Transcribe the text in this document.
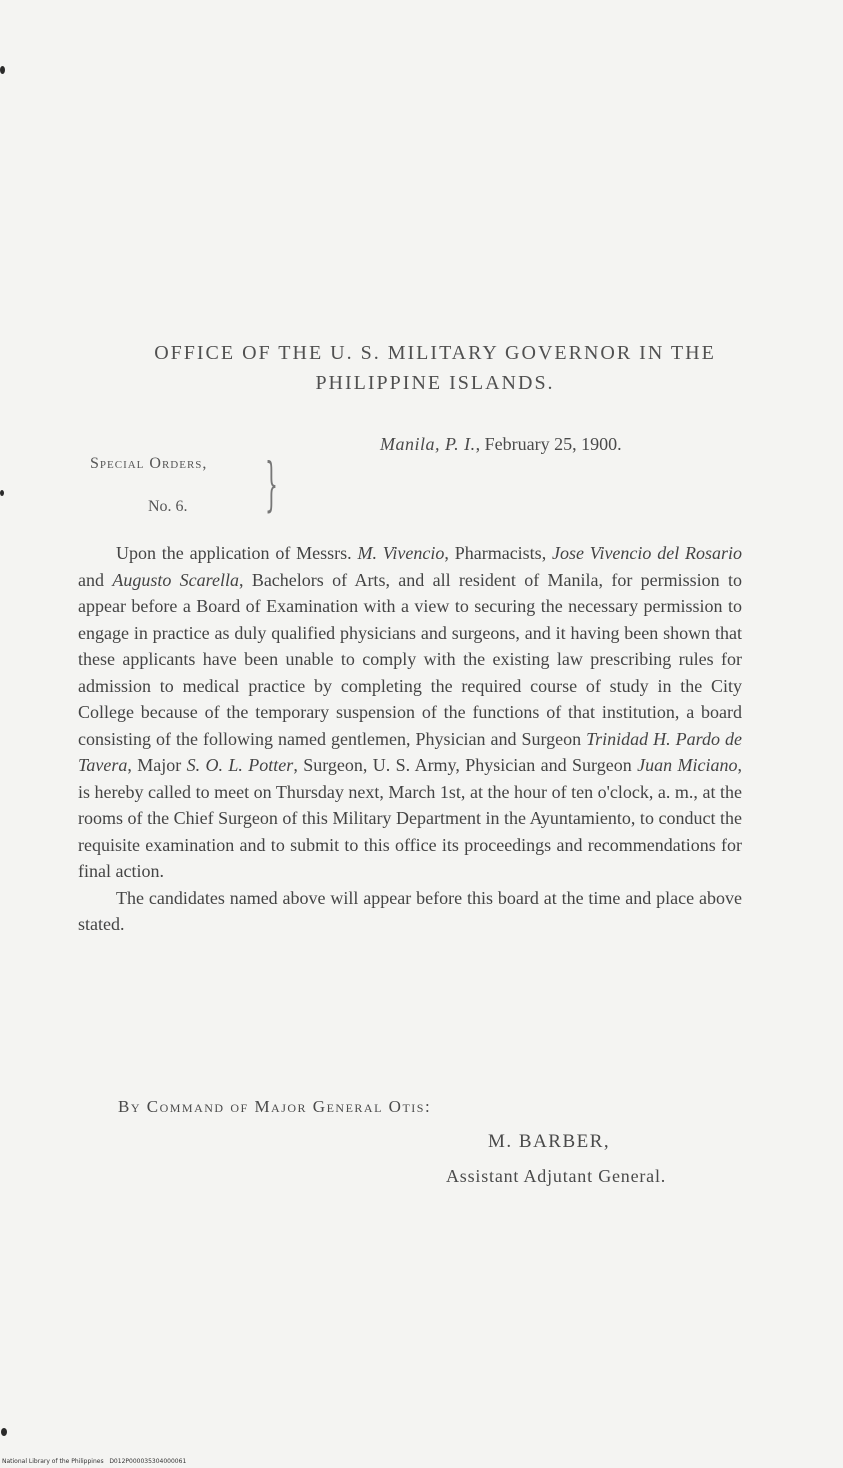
OFFICE OF THE U. S. MILITARY GOVERNOR IN THE
PHILIPPINE ISLANDS.
Manila, P. I., February 25, 1900.
Special Orders,
No. 6. }

Upon the application of Messrs. M. Vivencio, Pharmacists, Jose Vivencio del Rosario and Augusto Scarella, Bachelors of Arts, and all resident of Manila, for permission to appear before a Board of Examination with a view to securing the necessary permission to engage in practice as duly qualified physicians and surgeons, and it having been shown that these applicants have been unable to comply with the existing law prescribing rules for admission to medical practice by completing the required course of study in the City College because of the temporary suspension of the functions of that institution, a board consisting of the following named gentlemen, Physician and Surgeon Trinidad H. Pardo de Tavera, Major S. O. L. Potter, Surgeon, U. S. Army, Physician and Surgeon Juan Miciano, is hereby called to meet on Thursday next, March 1st, at the hour of ten o'clock, a. m., at the rooms of the Chief Surgeon of this Military Department in the Ayuntamiento, to conduct the requisite examination and to submit to this office its proceedings and recommendations for final action.

The candidates named above will appear before this board at the time and place above stated.

By Command of Major General Otis:
M. BARBER,
Assistant Adjutant General.
National Library of the Philippines D012P000035304000061
